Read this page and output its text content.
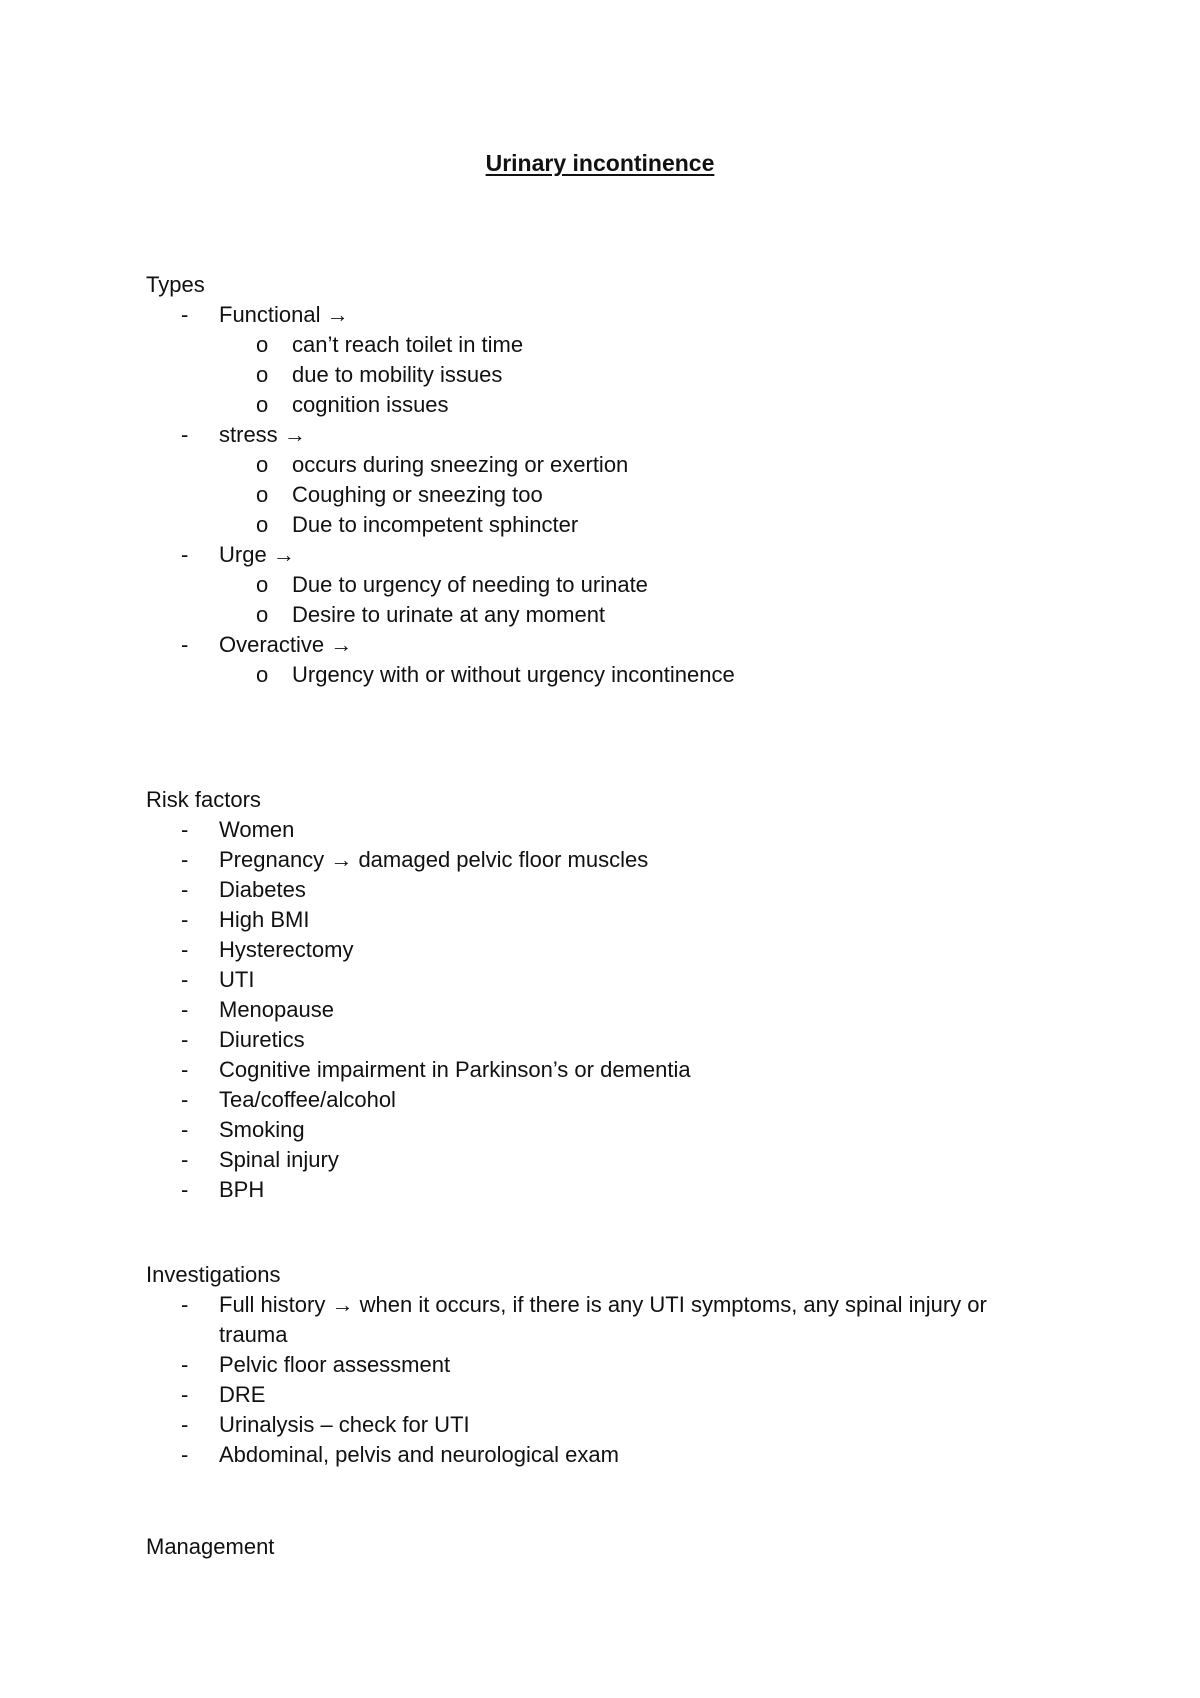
Urinary incontinence
Types
- Functional →
o can’t reach toilet in time
o due to mobility issues
o cognition issues
- stress →
o occurs during sneezing or exertion
o Coughing or sneezing too
o Due to incompetent sphincter
- Urge →
o Due to urgency of needing to urinate
o Desire to urinate at any moment
- Overactive →
o Urgency with or without urgency incontinence
Risk factors
- Women
- Pregnancy → damaged pelvic floor muscles
- Diabetes
- High BMI
- Hysterectomy
- UTI
- Menopause
- Diuretics
- Cognitive impairment in Parkinson’s or dementia
- Tea/coffee/alcohol
- Smoking
- Spinal injury
- BPH
Investigations
- Full history → when it occurs, if there is any UTI symptoms, any spinal injury or trauma
- Pelvic floor assessment
- DRE
- Urinalysis – check for UTI
- Abdominal, pelvis and neurological exam
Management
